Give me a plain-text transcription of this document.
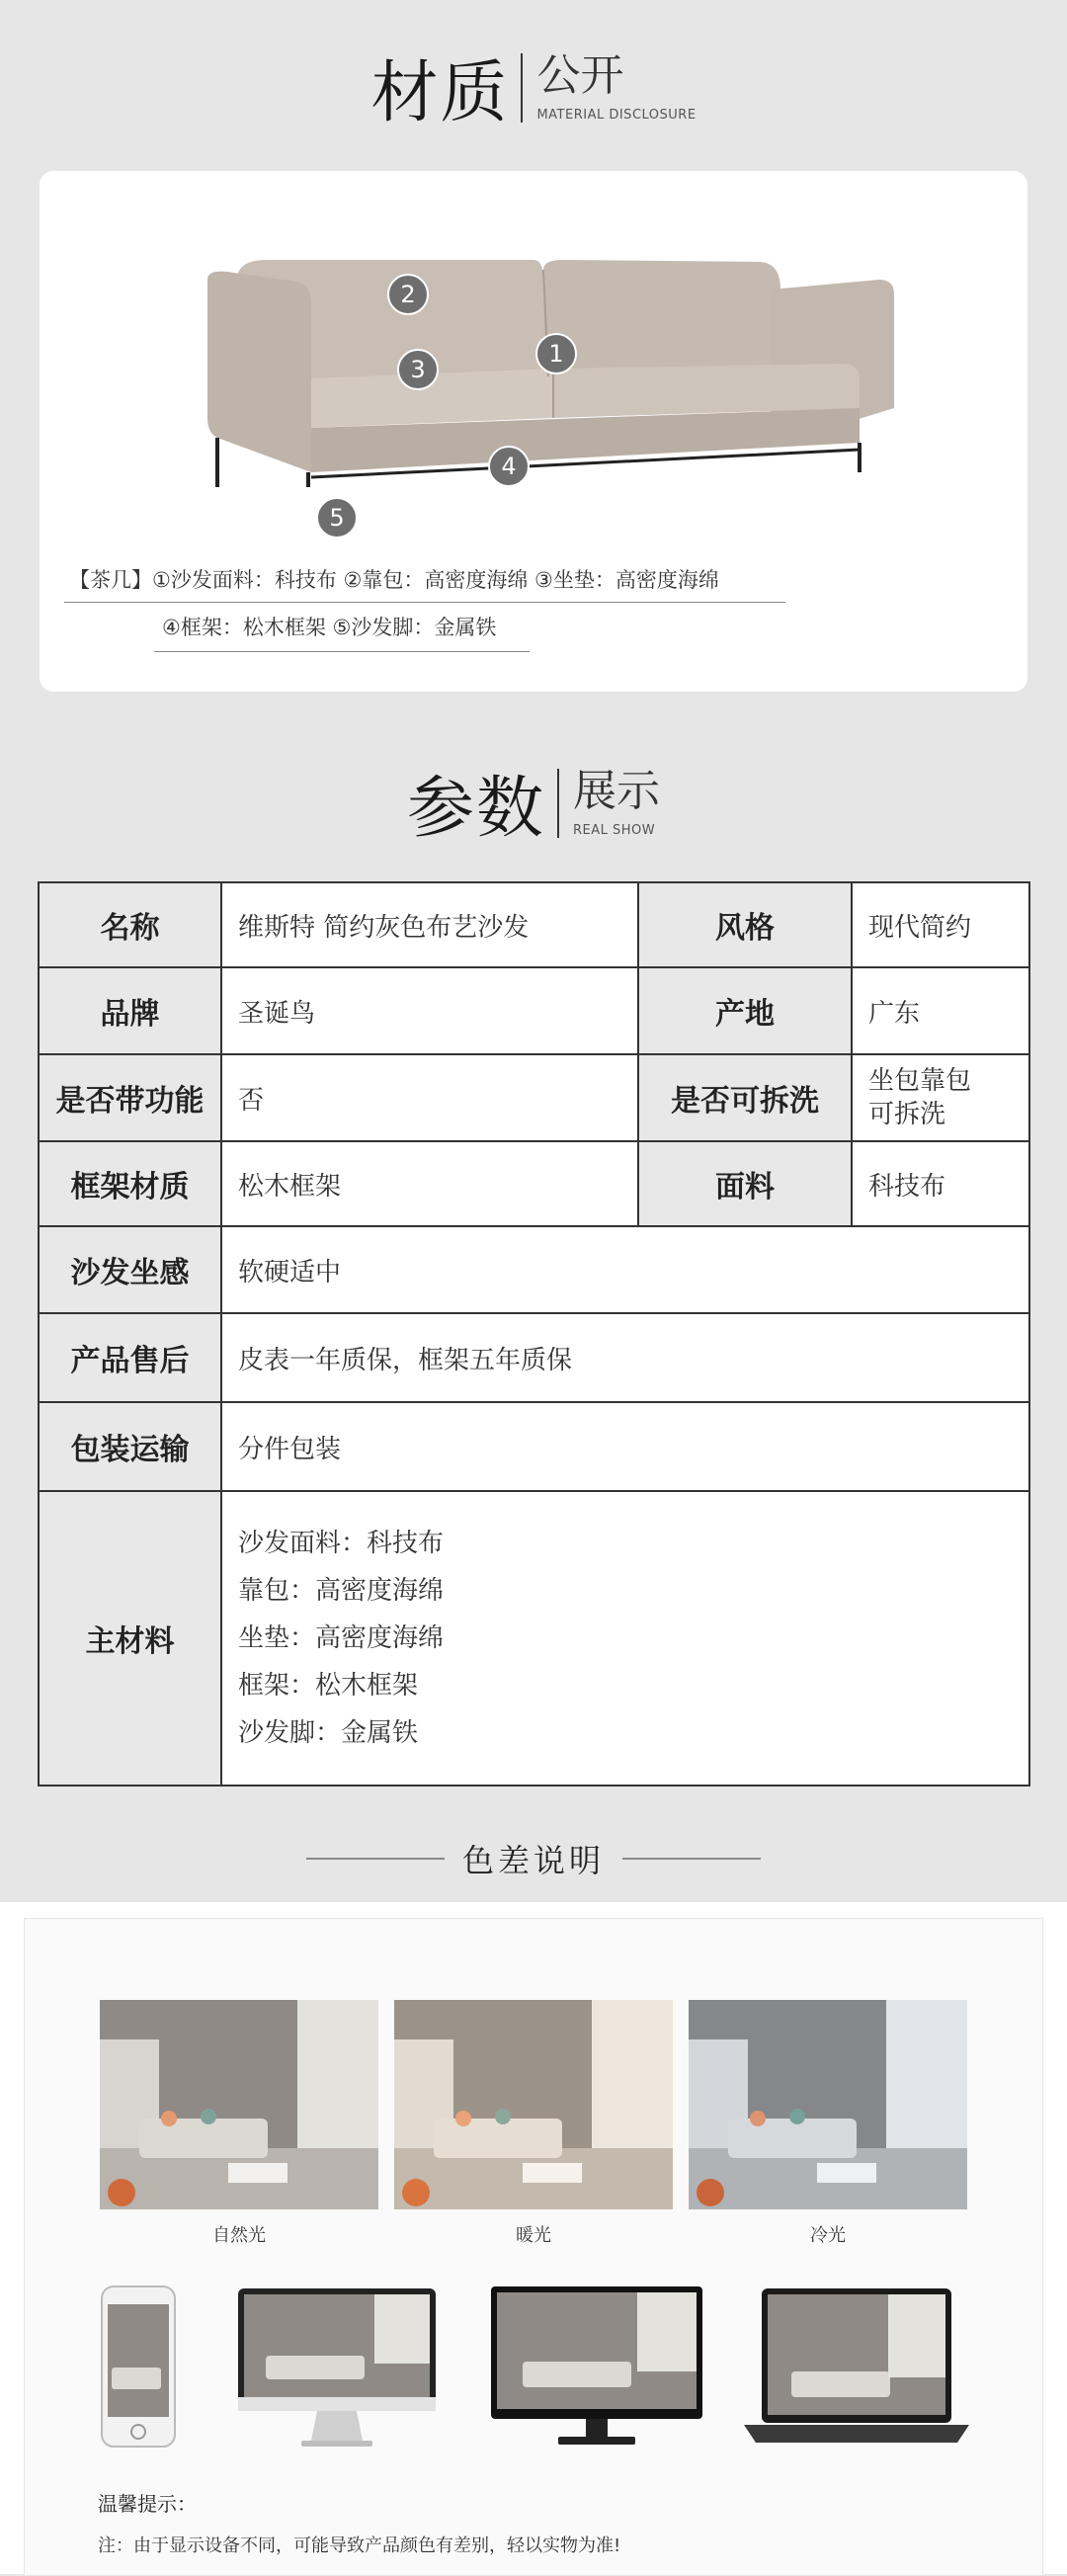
材质 公开
MATERIAL DISCLOSURE
2
1
3
4
5
【茶几】①沙发面料：科技布 ②靠包：高密度海绵 ③坐垫：高密度海绵
④框架：松木框架 ⑤沙发脚：金属铁
参数 展示
REAL SHOW
名称	维斯特 简约灰色布艺沙发	风格	现代简约
品牌	圣诞鸟	产地	广东
是否带功能	否	是否可拆洗	坐包靠包
可拆洗

框架材质	松木框架	面料	科技布
沙发坐感	软硬适中		
产品售后	皮表一年质保，框架五年质保		
包装运输	分件包装		
主材料	沙发面料：科技布
靠包：高密度海绵
坐垫：高密度海绵
框架：松木框架
沙发脚：金属铁		
色差说明
自然光	暖光	冷光
温馨提示：
注：由于显示设备不同，可能导致产品颜色有差别，轻以实物为准!
